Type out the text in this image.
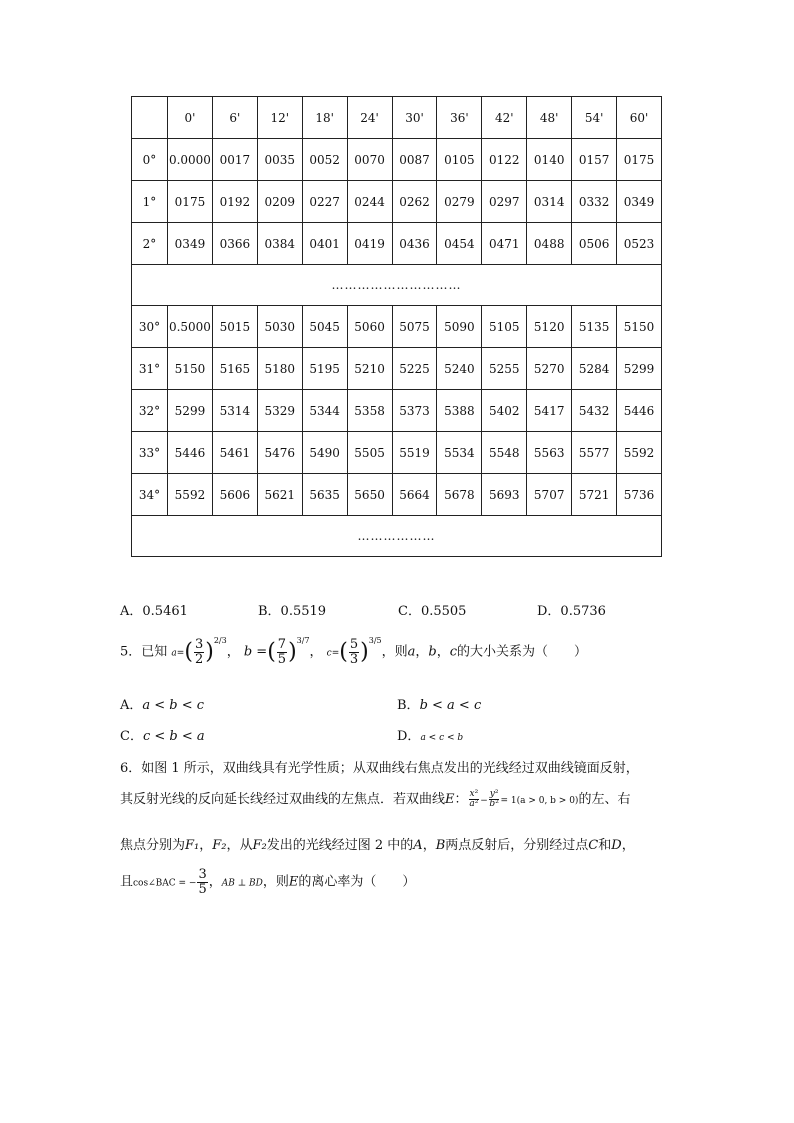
	0'	6'	12'	18'	24'	30'	36'	42'	48'	54'	60'
0°	0.0000	0017	0035	0052	0070	0087	0105	0122	0140	0157	0175
1°	0175	0192	0209	0227	0244	0262	0279	0297	0314	0332	0349
2°	0349	0366	0384	0401	0419	0436	0454	0471	0488	0506	0523
…………………………											
30°	0.5000	5015	5030	5045	5060	5075	5090	5105	5120	5135	5150
31°	5150	5165	5180	5195	5210	5225	5240	5255	5270	5284	5299
32°	5299	5314	5329	5344	5358	5373	5388	5402	5417	5432	5446
33°	5446	5461	5476	5490	5505	5519	5534	5548	5563	5577	5592
34°	5592	5606	5621	5635	5650	5664	5678	5693	5707	5721	5736
………………											
A．0.5461	B．0.5519	C．0.5505	D．0.5736
5．已知 $a=( \frac{3}{2} )^{2/3}$， b =( $\frac{7}{5} )^{3/7}$， $c=( \frac{5}{3} )^{3/5}$，则a，b，c的大小关系为（　　）
A．a < b < c	B．b < a < c
C．c < b < a	D．a < c < b
6．如图 1 所示，双曲线具有光学性质；从双曲线右焦点发出的光线经过双曲线镜面反射，
其反射光线的反向延长线经过双曲线的左焦点．若双曲线E： $\frac{\text{x²}}{\text{a²}} - \frac{\text{y²}}{\text{b²}} = 1(a > 0$, b > 0)的左、右
焦点分别为F₁，F₂，从F₂发出的光线经过图 2 中的A，B两点反射后，分别经过点C和D，
且cos∠BAC = − $\frac{3}{5}$ ，AB ⊥ BD，则E的离心率为（　　）
